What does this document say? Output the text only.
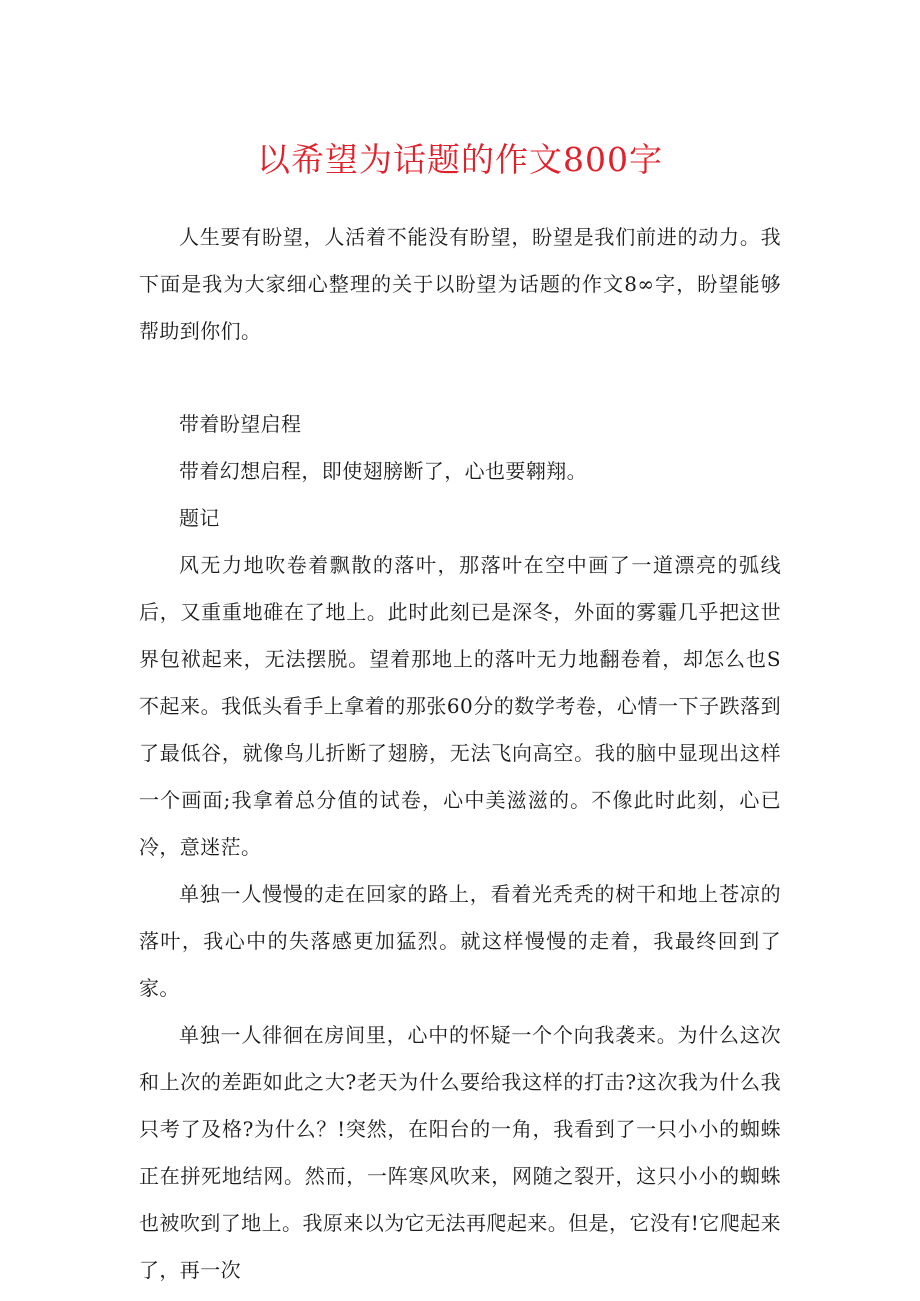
以希望为话题的作文800字

人生要有盼望，人活着不能没有盼望，盼望是我们前进的动力。我下面是我为大家细心整理的关于以盼望为话题的作文8∞字，盼望能够帮助到你们。

带着盼望启程

带着幻想启程，即使翅膀断了，心也要翱翔。

题记

风无力地吹卷着飘散的落叶，那落叶在空中画了一道漂亮的弧线后，又重重地碓在了地上。此时此刻已是深冬，外面的雾霾几乎把这世界包袱起来，无法摆脱。望着那地上的落叶无力地翻卷着，却怎么也S不起来。我低头看手上拿着的那张60分的数学考卷，心情一下子跌落到了最低谷，就像鸟儿折断了翅膀，无法飞向高空。我的脑中显现出这样一个画面;我拿着总分值的试卷，心中美滋滋的。不像此时此刻，心已冷，意迷茫。

单独一人慢慢的走在回家的路上，看着光秃秃的树干和地上苍凉的落叶，我心中的失落感更加猛烈。就这样慢慢的走着，我最终回到了家。

单独一人徘徊在房间里，心中的怀疑一个个向我袭来。为什么这次和上次的差距如此之大?老天为什么要给我这样的打击?这次我为什么我只考了及格?为什么？!突然，在阳台的一角，我看到了一只小小的蜘蛛正在拼死地结网。然而，一阵寒风吹来，网随之裂开，这只小小的蜘蛛也被吹到了地上。我原来以为它无法再爬起来。但是，它没有!它爬起来了，再一次
